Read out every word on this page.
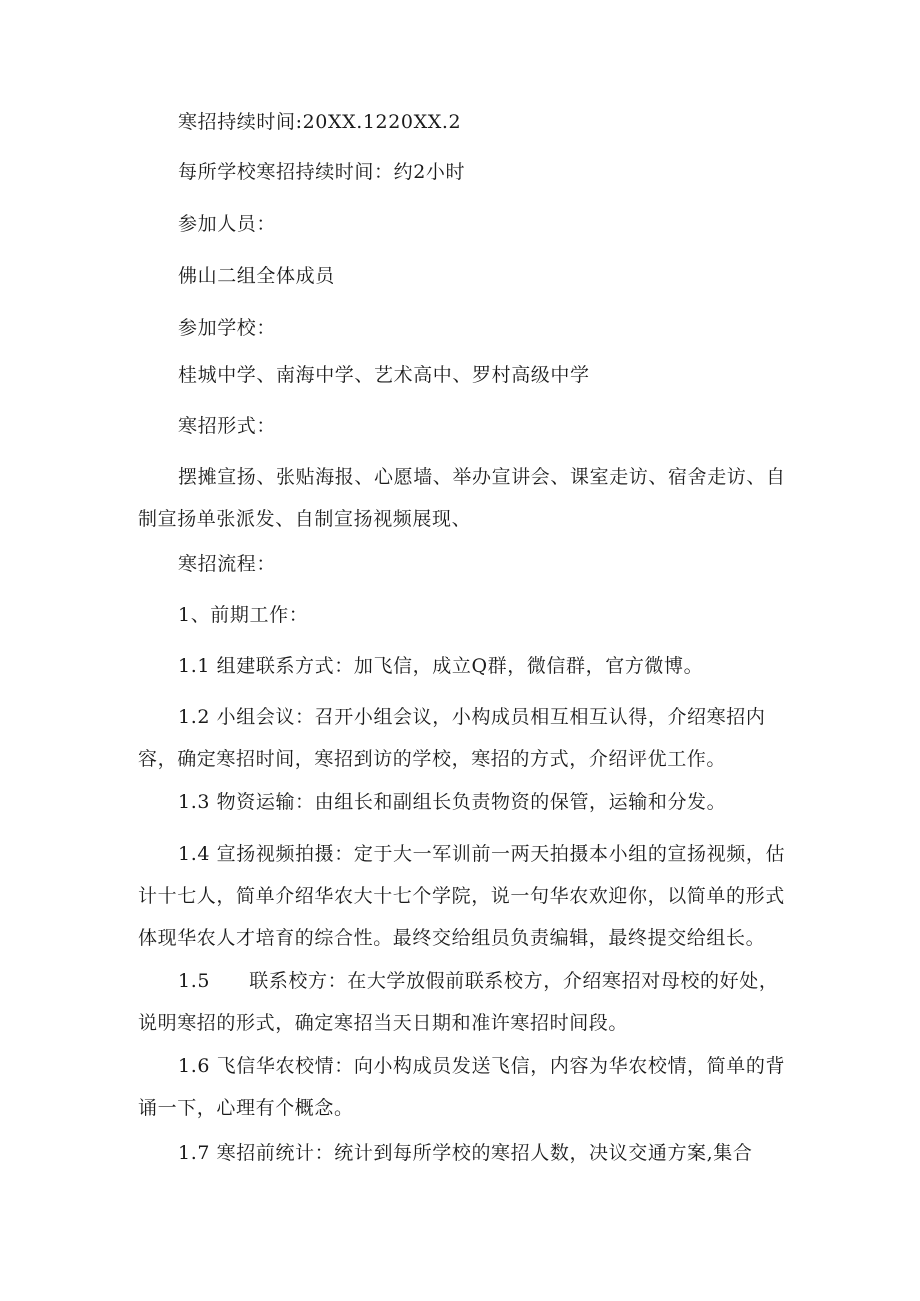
寒招持续时间:20XX.1220XX.2

每所学校寒招持续时间：约2小时

参加人员：

佛山二组全体成员

参加学校：

桂城中学、南海中学、艺术高中、罗村高级中学

寒招形式：

摆摊宣扬、张贴海报、心愿墙、举办宣讲会、课室走访、宿舍走访、自制宣扬单张派发、自制宣扬视频展现、

寒招流程：

1、前期工作：

1.1 组建联系方式：加飞信，成立Q群，微信群，官方微博。

1.2 小组会议：召开小组会议，小构成员相互相互认得，介绍寒招内容，确定寒招时间，寒招到访的学校，寒招的方式，介绍评优工作。

1.3 物资运输：由组长和副组长负责物资的保管，运输和分发。

1.4 宣扬视频拍摄：定于大一军训前一两天拍摄本小组的宣扬视频，估计十七人，简单介绍华农大十七个学院，说一句华农欢迎你，以简单的形式体现华农人才培育的综合性。最终交给组员负责编辑，最终提交给组长。

1.5　　联系校方：在大学放假前联系校方，介绍寒招对母校的好处，说明寒招的形式，确定寒招当天日期和准许寒招时间段。

1.6 飞信华农校情：向小构成员发送飞信，内容为华农校情，简单的背诵一下，心理有个概念。

1.7 寒招前统计：统计到每所学校的寒招人数，决议交通方案,集合
